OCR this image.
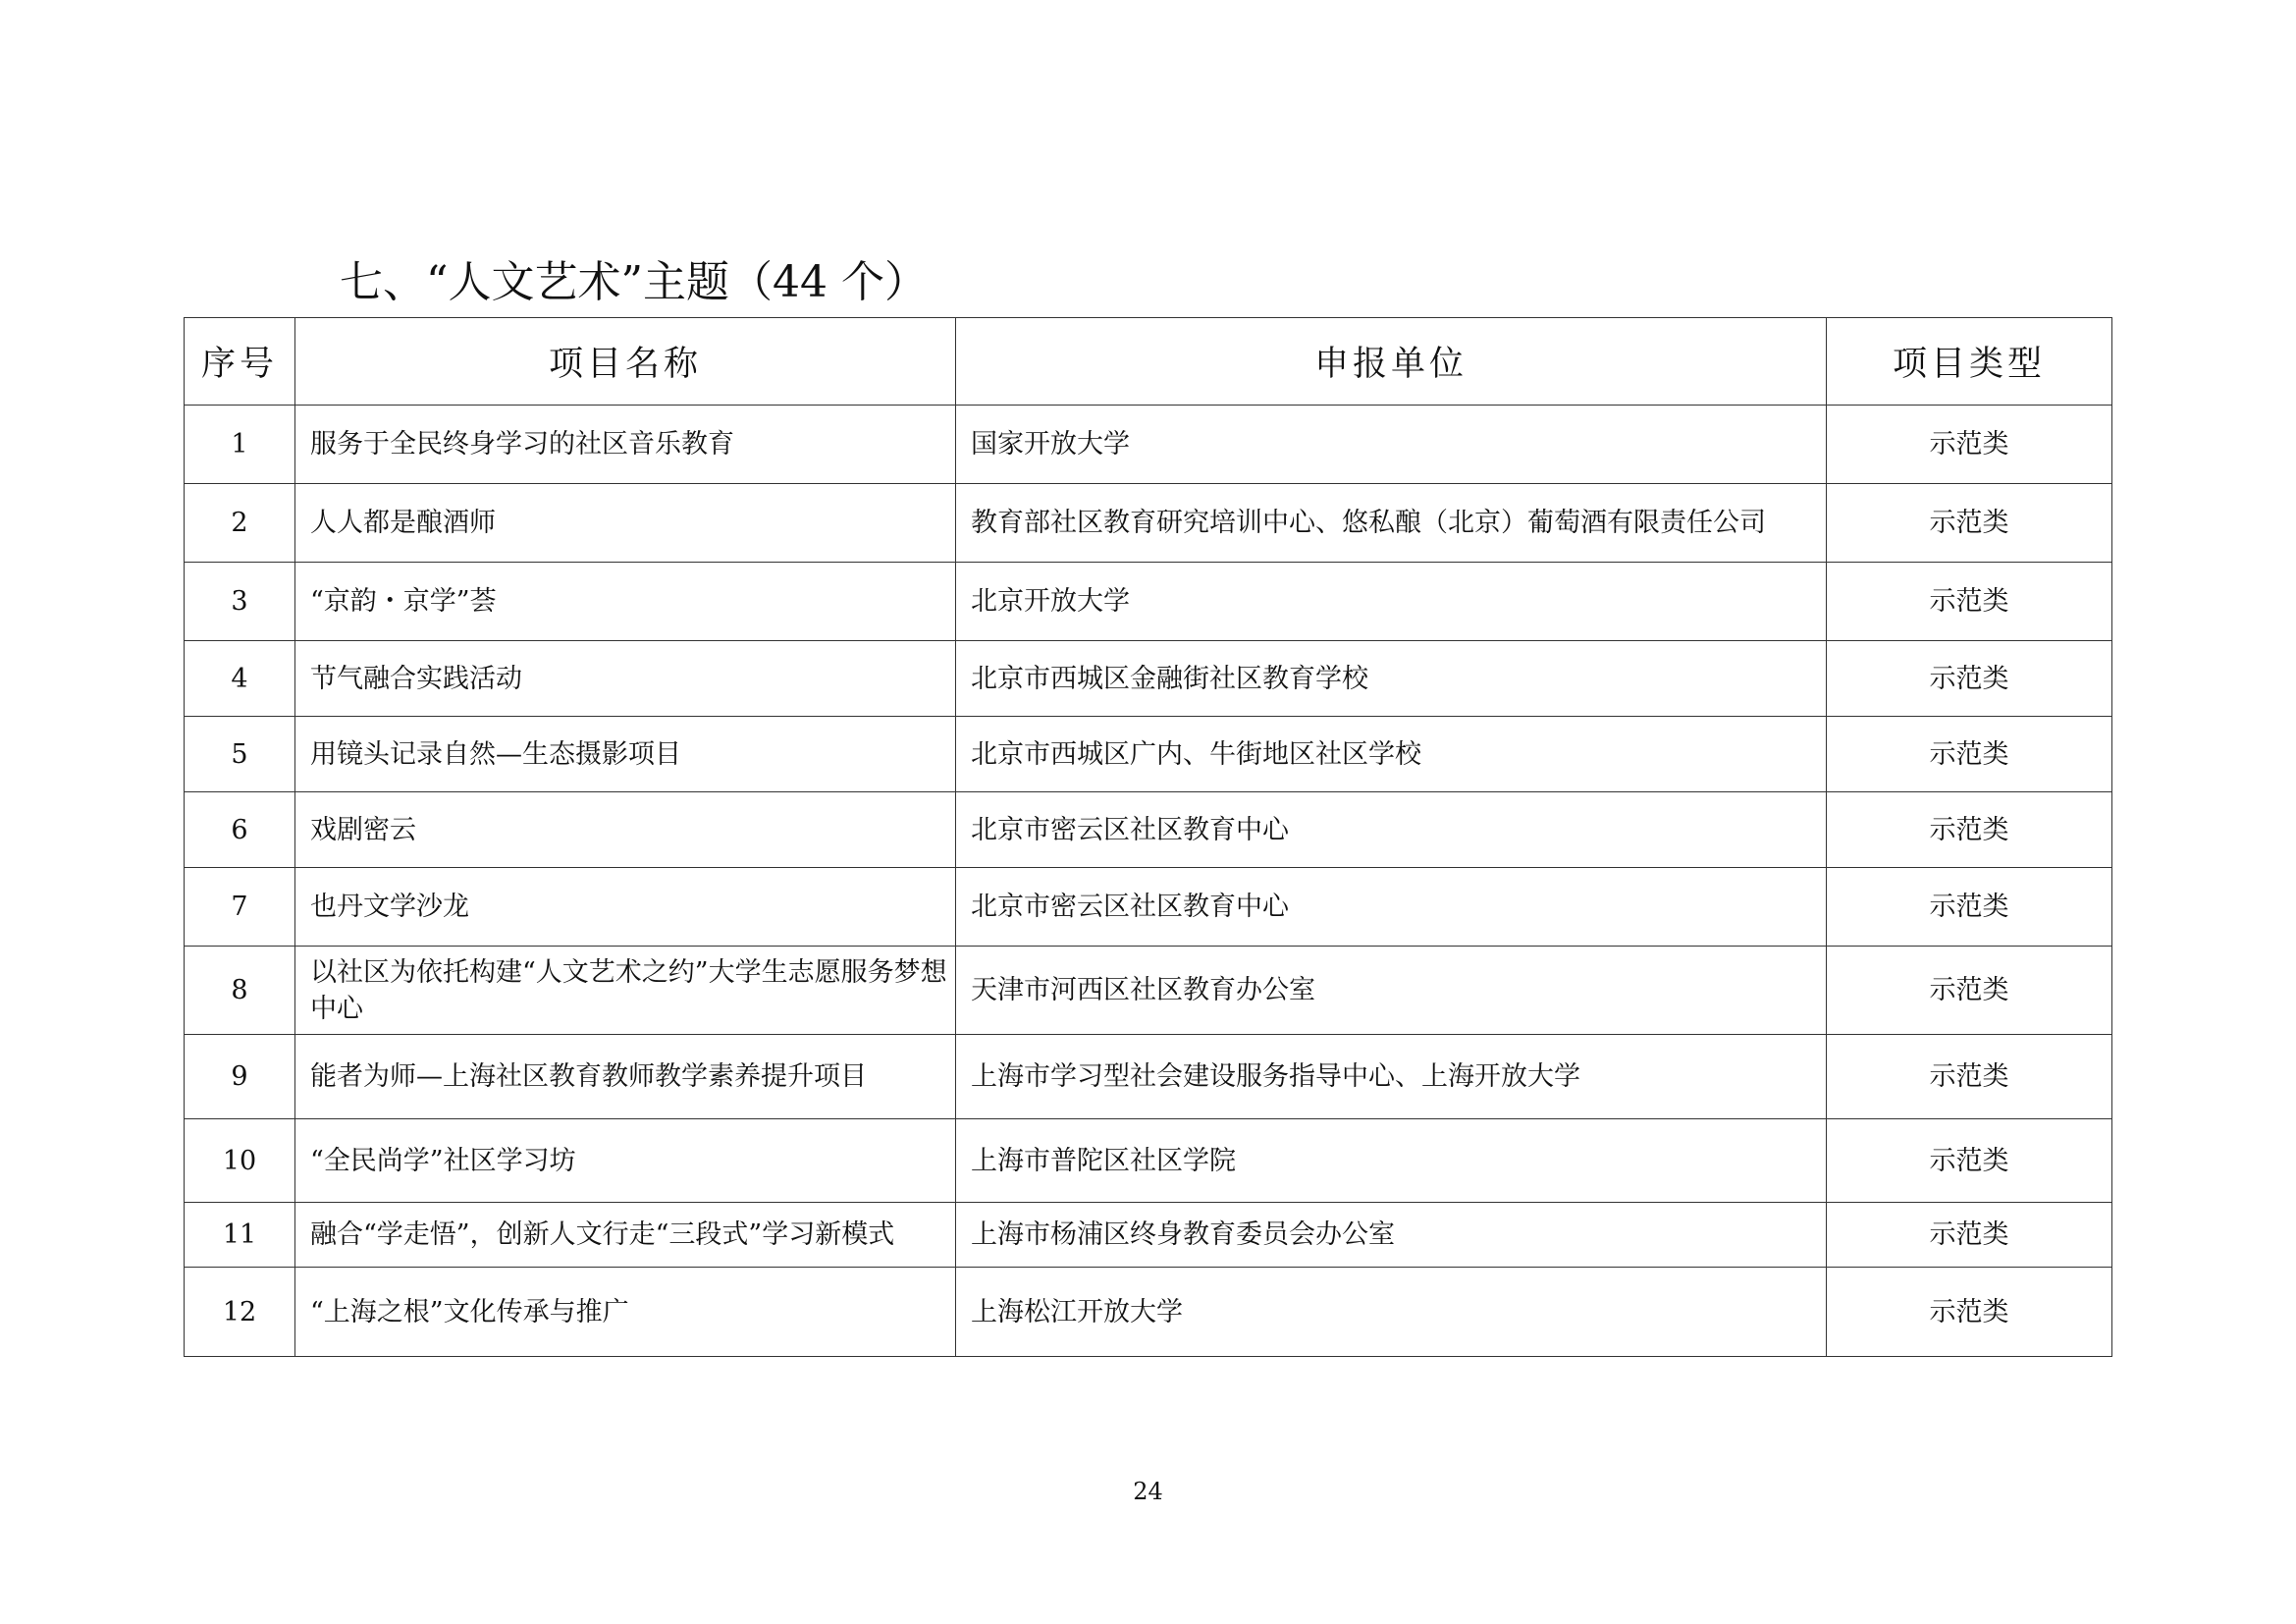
七、“人文艺术”主题（44 个）
序号	项目名称	申报单位	项目类型
1	服务于全民终身学习的社区音乐教育	国家开放大学	示范类
2	人人都是酿酒师	教育部社区教育研究培训中心、悠私酿（北京）葡萄酒有限责任公司	示范类
3	“京韵・京学”荟	北京开放大学	示范类
4	节气融合实践活动	北京市西城区金融街社区教育学校	示范类
5	用镜头记录自然—生态摄影项目	北京市西城区广内、牛街地区社区学校	示范类
6	戏剧密云	北京市密云区社区教育中心	示范类
7	也丹文学沙龙	北京市密云区社区教育中心	示范类
8	以社区为依托构建“人文艺术之约”大学生志愿服务梦想中心	天津市河西区社区教育办公室	示范类
9	能者为师—上海社区教育教师教学素养提升项目	上海市学习型社会建设服务指导中心、上海开放大学	示范类
10	“全民尚学”社区学习坊	上海市普陀区社区学院	示范类
11	融合“学走悟”，创新人文行走“三段式”学习新模式	上海市杨浦区终身教育委员会办公室	示范类
12	“上海之根”文化传承与推广	上海松江开放大学	示范类
24
